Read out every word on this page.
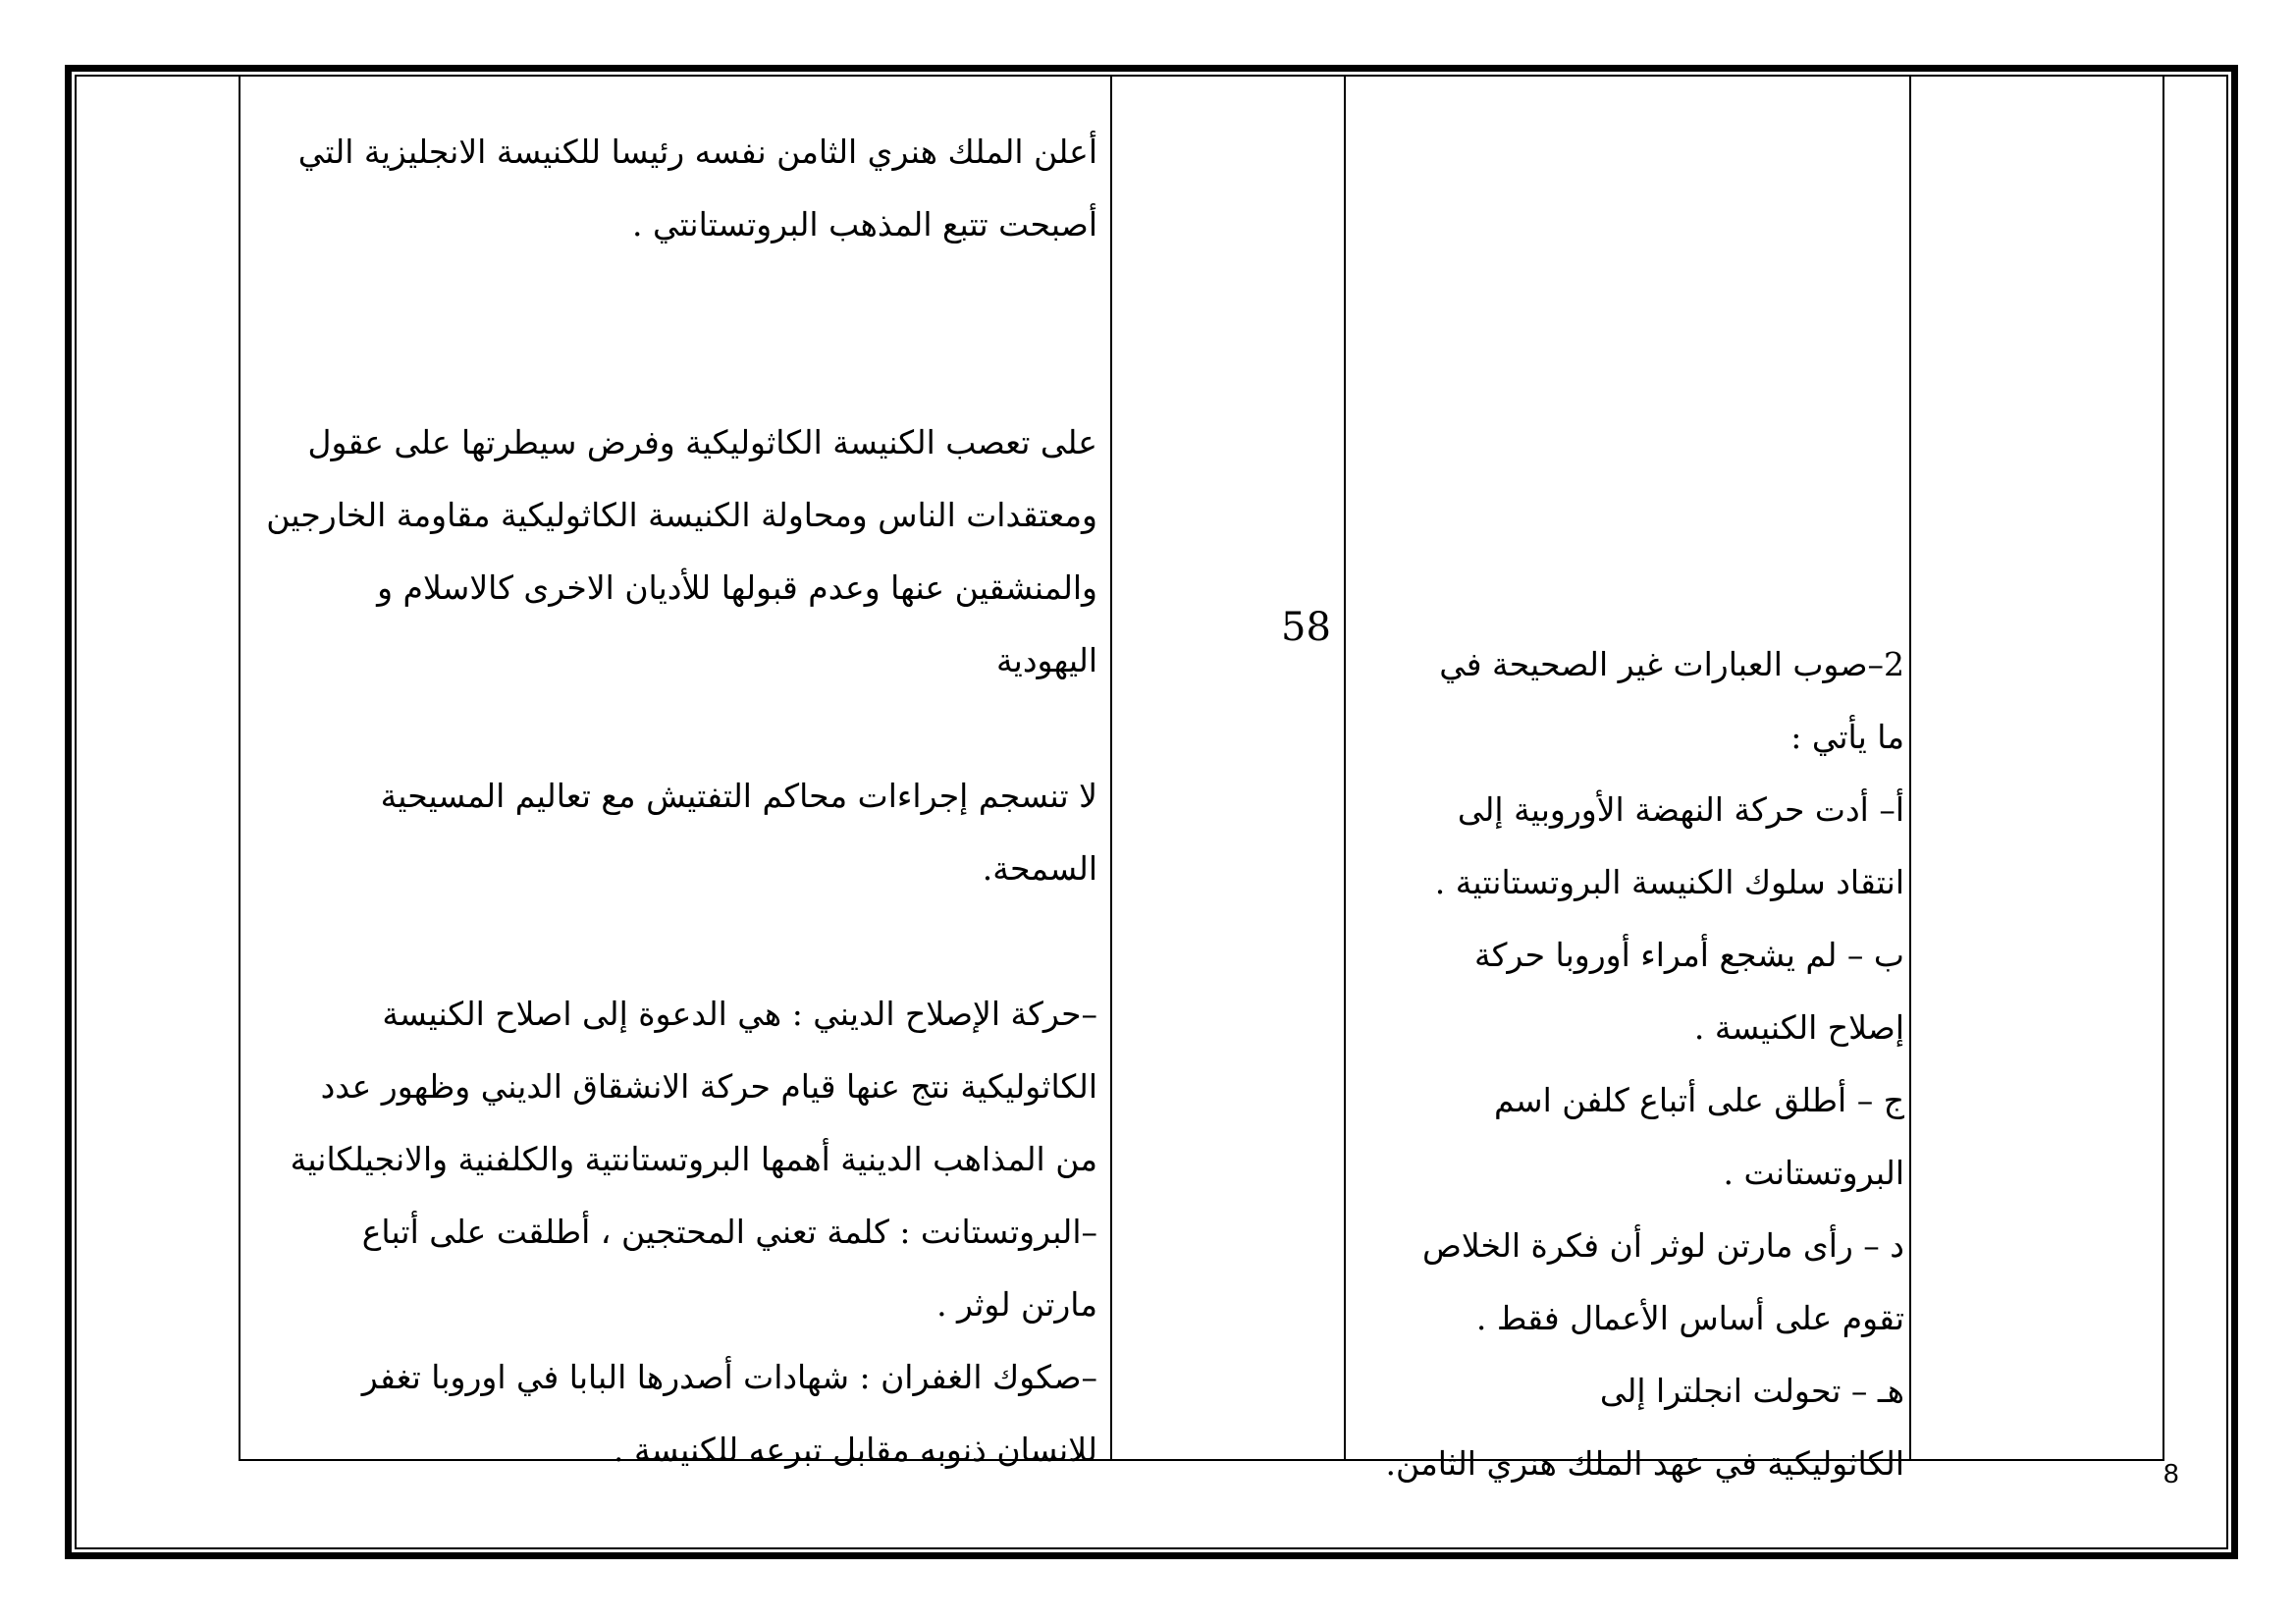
2–صوب العبارات غير الصحيحة في
ما يأتي :
أ– أدت حركة النهضة الأوروبية إلى
انتقاد سلوك الكنيسة البروتستانتية .
ب – لم يشجع أمراء أوروبا حركة
إصلاح الكنيسة .
ج – أطلق على أتباع كلفن اسم
البروتستانت .
د – رأى مارتن لوثر أن فكرة الخلاص
تقوم على أساس الأعمال فقط .
هـ – تحولت انجلترا إلى
الكاثوليكية في عهد الملك هنري الثامن.
58
أعلن الملك هنري الثامن نفسه رئيسا للكنيسة الانجليزية التي
أصبحت تتبع المذهب البروتستانتي .
على تعصب الكنيسة الكاثوليكية وفرض سيطرتها على عقول
ومعتقدات الناس ومحاولة الكنيسة الكاثوليكية مقاومة الخارجين
والمنشقين عنها وعدم قبولها للأديان الاخرى كالاسلام و
اليهودية
لا تنسجم إجراءات محاكم التفتيش مع تعاليم المسيحية
السمحة.
–حركة الإصلاح الديني : هي الدعوة إلى اصلاح الكنيسة
الكاثوليكية نتج عنها قيام حركة الانشقاق الديني وظهور عدد
من المذاهب الدينية أهمها البروتستانتية والكلفنية والانجيلكانية
–البروتستانت : كلمة تعني المحتجين ، أطلقت على أتباع
مارتن لوثر .
–صكوك الغفران : شهادات أصدرها البابا في اوروبا تغفر
للانسان ذنوبه مقابل تبرعه للكنيسة .
8
